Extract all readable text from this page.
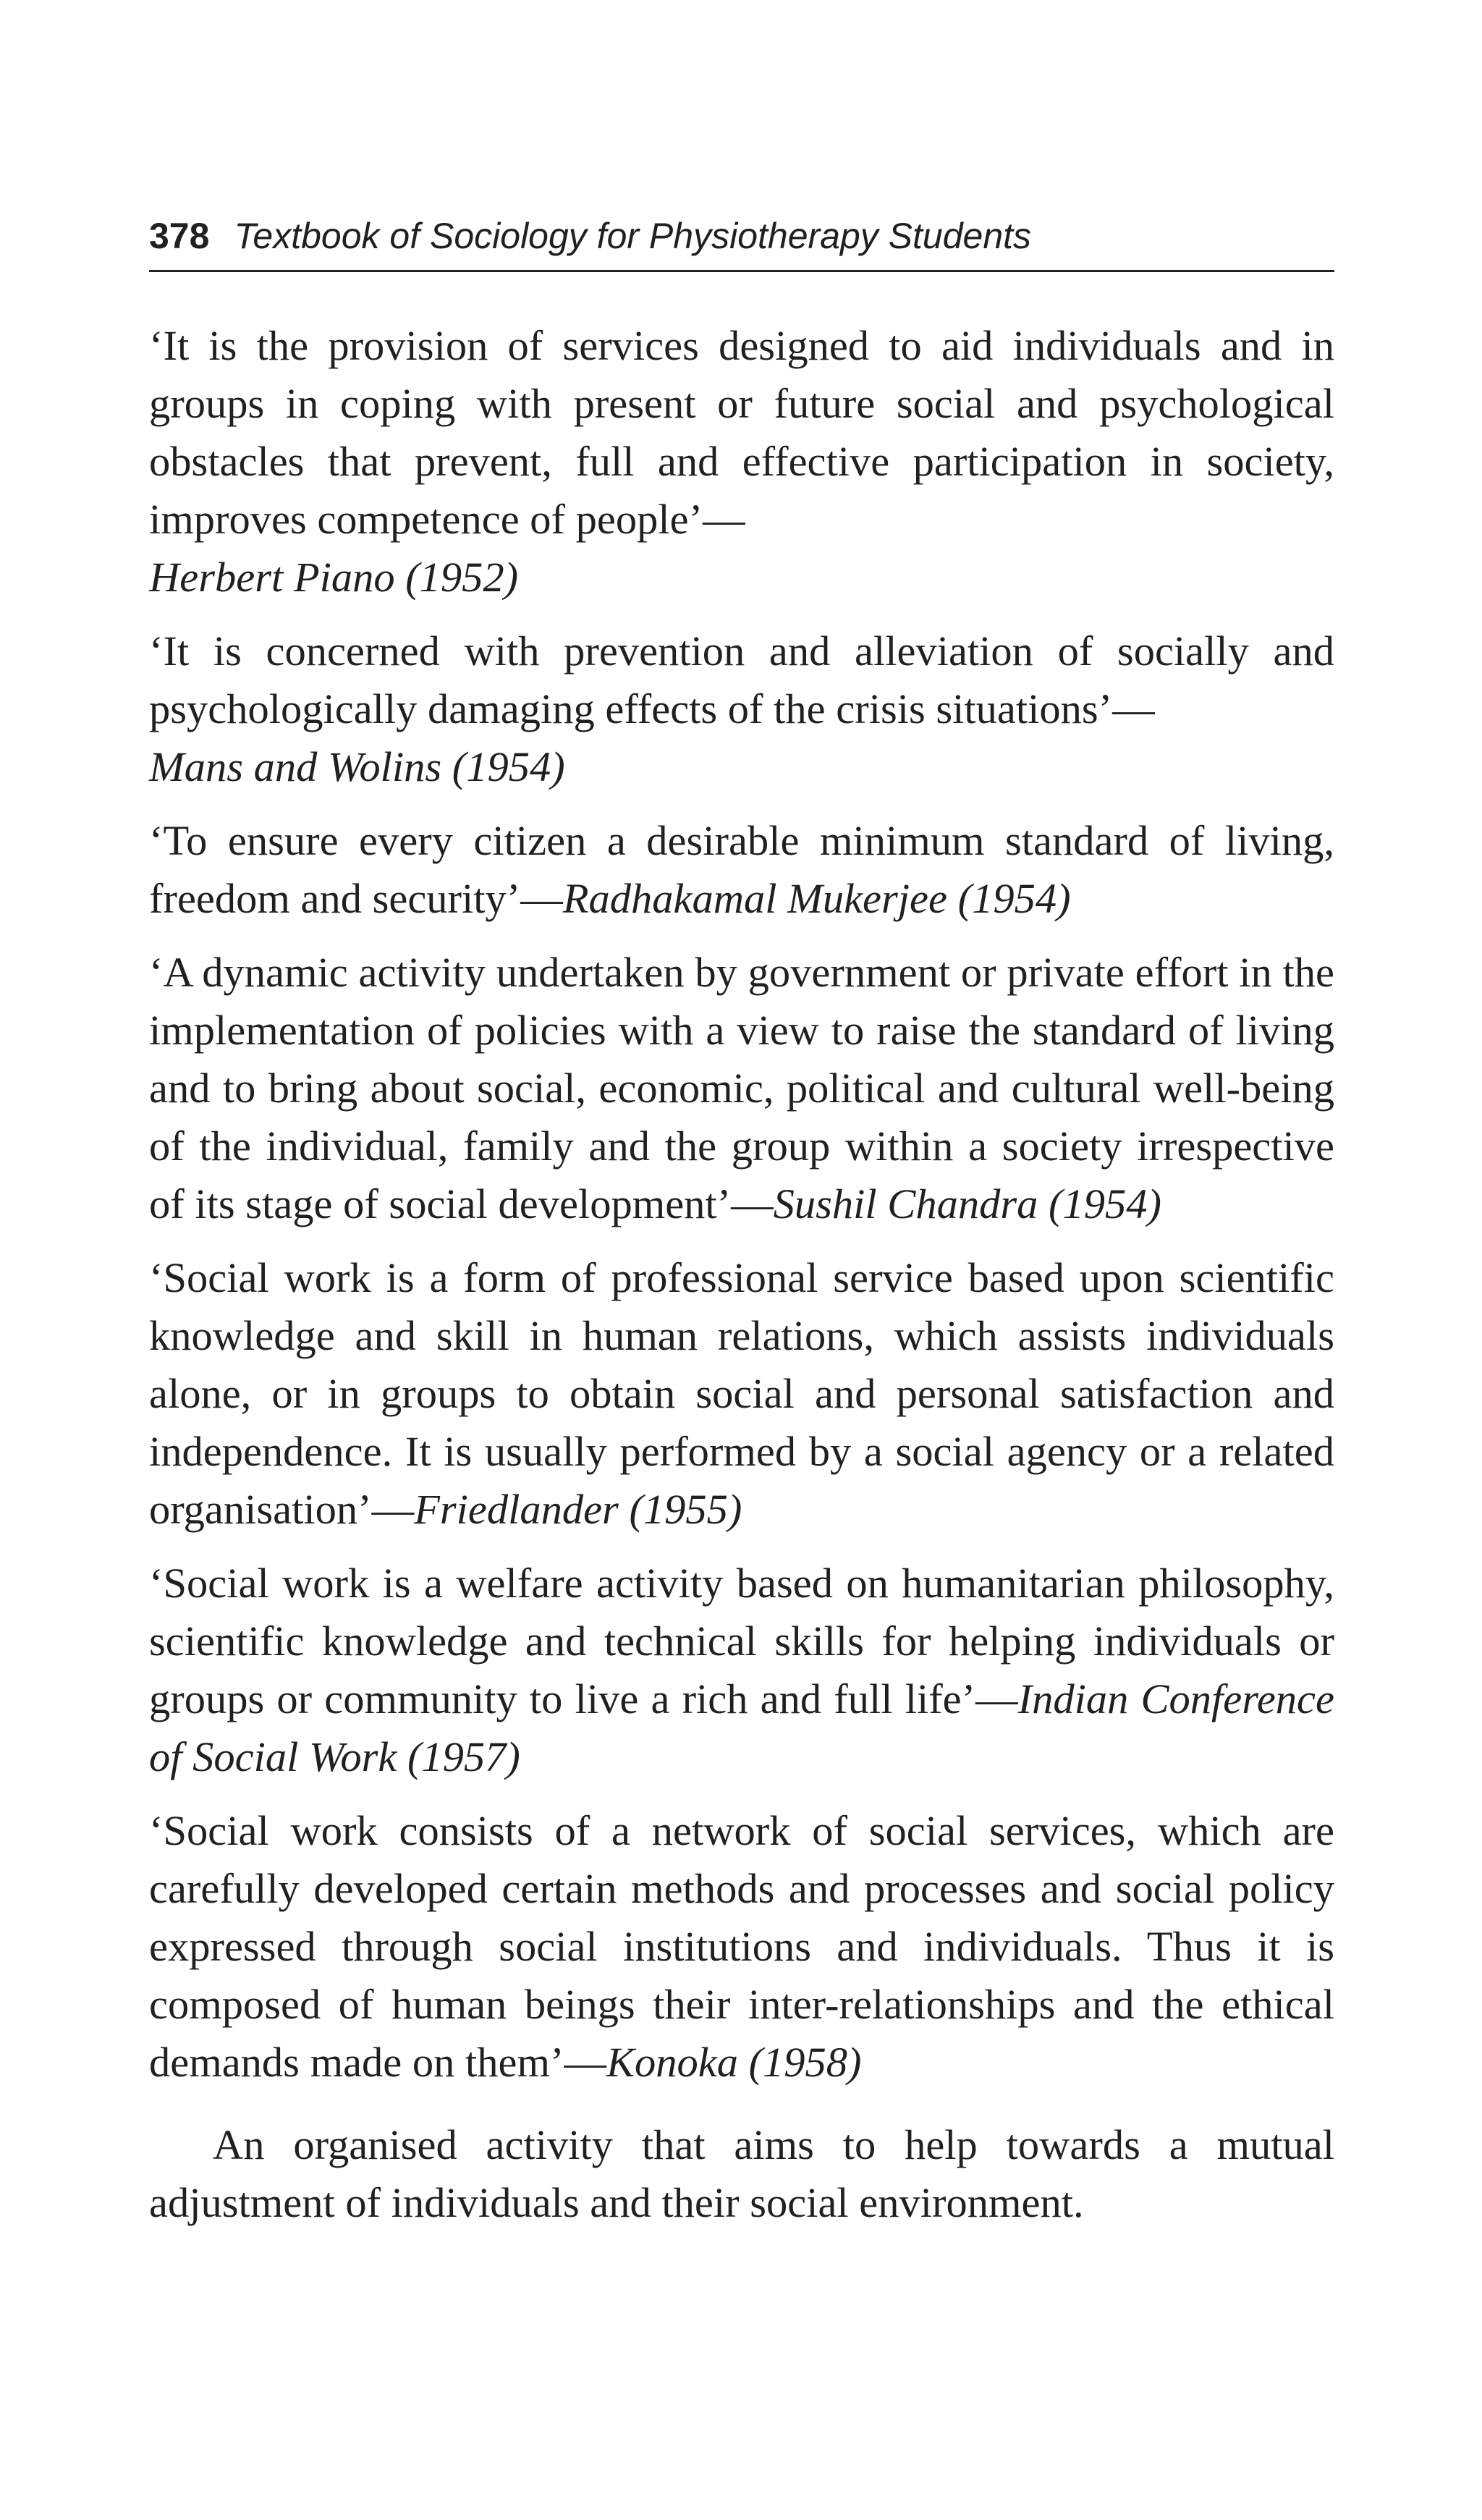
378 Textbook of Sociology for Physiotherapy Students

‘It is the provision of services designed to aid individuals and in groups in coping with present or future social and psychological obstacles that prevent, full and effective participation in society, improves competence of people’—
Herbert Piano (1952)

‘It is concerned with prevention and alleviation of socially and psychologically damaging effects of the crisis situations’—
Mans and Wolins (1954)

‘To ensure every citizen a desirable minimum standard of living, freedom and security’—Radhakamal Mukerjee (1954)

‘A dynamic activity undertaken by government or private effort in the implementation of policies with a view to raise the standard of living and to bring about social, economic, political and cultural well-being of the individual, family and the group within a society irrespective of its stage of social development’—Sushil Chandra (1954)

‘Social work is a form of professional service based upon scientific knowledge and skill in human relations, which assists individuals alone, or in groups to obtain social and personal satisfaction and independence. It is usually performed by a social agency or a related organisation’—Friedlander (1955)

‘Social work is a welfare activity based on humanitarian philosophy, scientific knowledge and technical skills for helping individuals or groups or community to live a rich and full life’—Indian Conference of Social Work (1957)

‘Social work consists of a network of social services, which are carefully developed certain methods and processes and social policy expressed through social institutions and individuals. Thus it is composed of human beings their inter-relationships and the ethical demands made on them’—Konoka (1958)

An organised activity that aims to help towards a mutual adjustment of individuals and their social environment.
